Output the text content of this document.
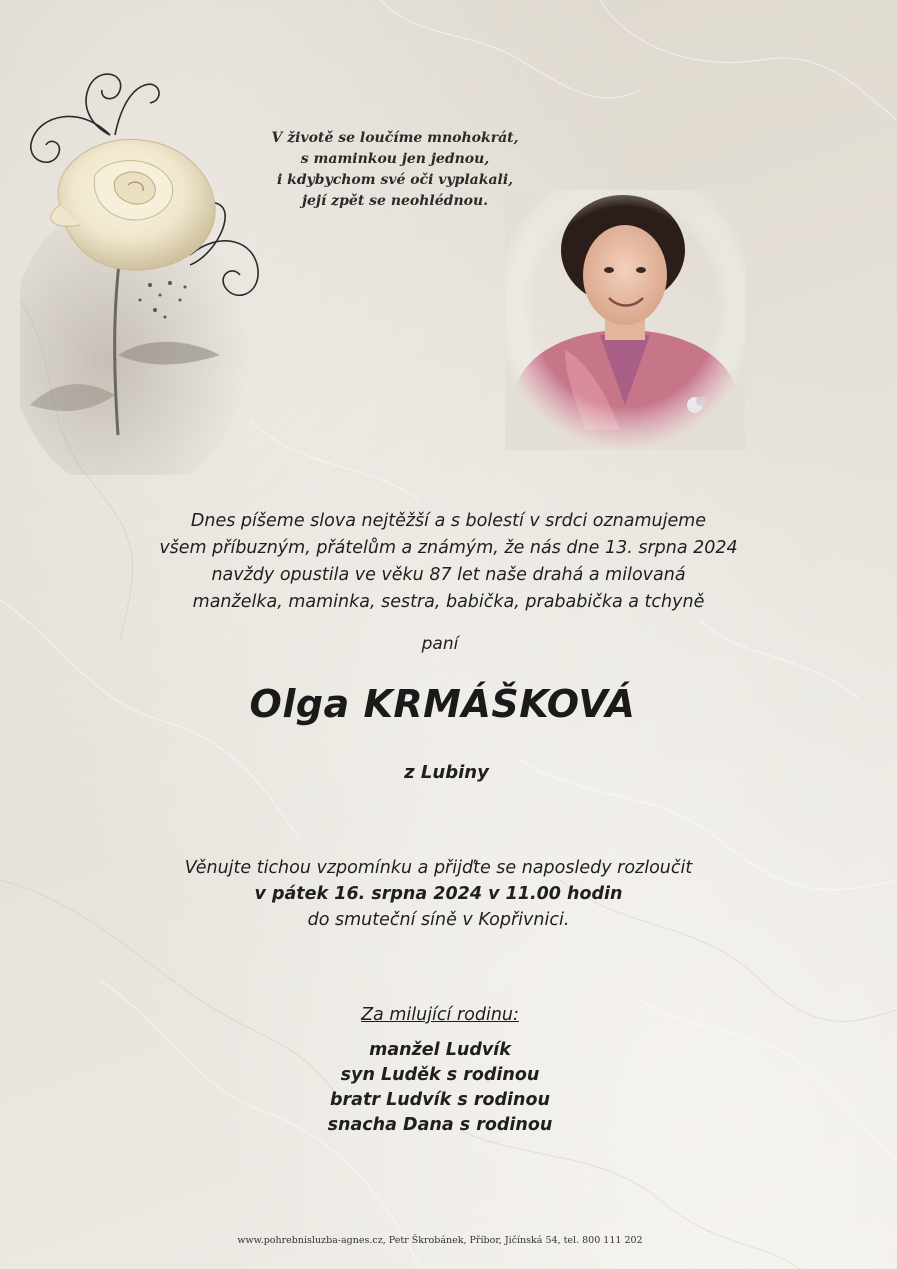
V životě se loučíme mnohokrát,
s maminkou jen jednou,
i kdybychom své oči vyplakali,
její zpět se neohlédnou.
Dnes píšeme slova nejtěžší a s bolestí v srdci oznamujeme
všem příbuzným, přátelům a známým, že nás dne 13. srpna 2024
navždy opustila ve věku 87 let naše drahá a milovaná
manželka, maminka, sestra, babička, prababička a tchyně
paní
Olga KRMÁŠKOVÁ
z Lubiny
Věnujte tichou vzpomínku a přijďte se naposledy rozloučit
v pátek 16. srpna 2024 v 11.00 hodin
do smuteční síně v Kopřivnici.
Za milující rodinu:
manžel Ludvík
syn Luděk s rodinou
bratr Ludvík s rodinou
snacha Dana s rodinou
www.pohrebnisluzba-agnes.cz, Petr Škrobánek, Příbor, Jičínská 54, tel. 800 111 202
